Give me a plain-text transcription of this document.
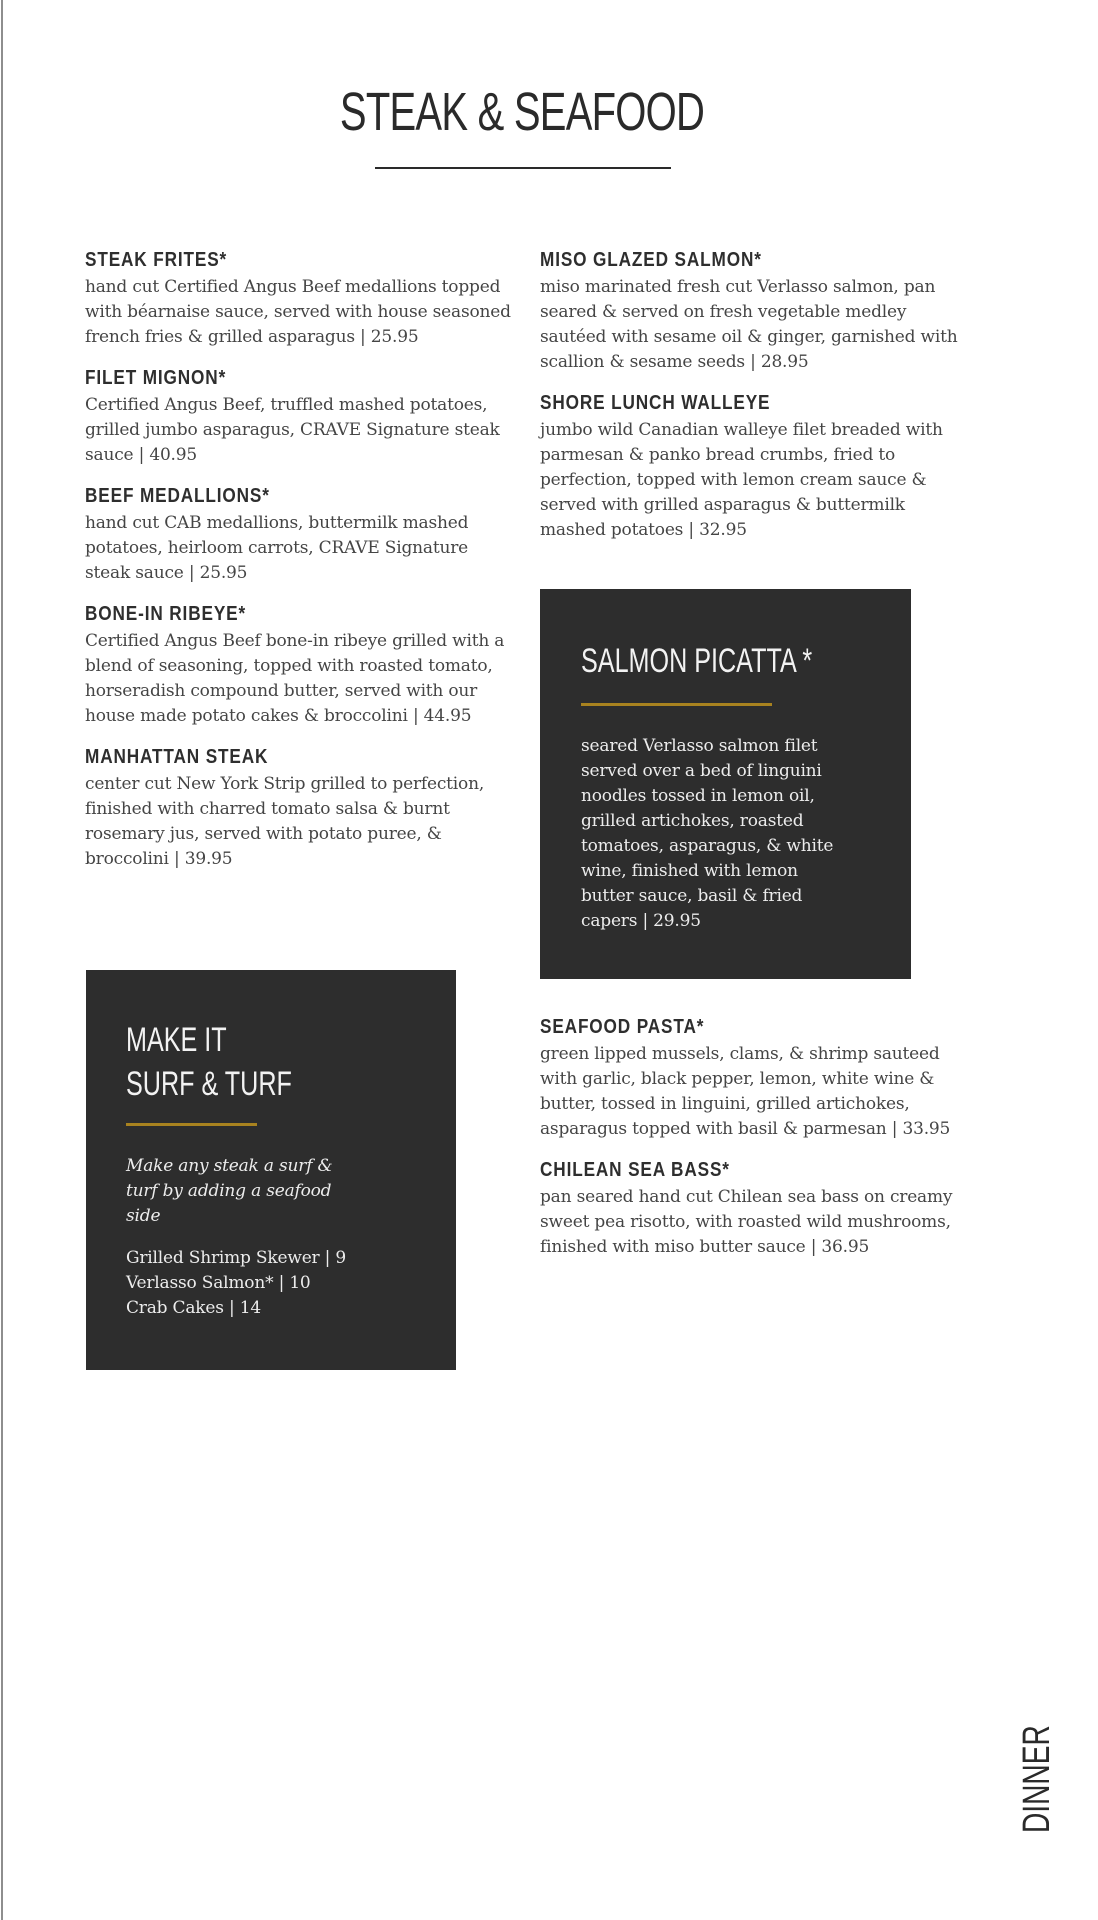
STEAK & SEAFOOD
STEAK FRITES*
hand cut Certified Angus Beef medallions topped with béarnaise sauce, served with house seasoned french fries & grilled asparagus | 25.95
FILET MIGNON*
Certified Angus Beef, truffled mashed potatoes, grilled jumbo asparagus, CRAVE Signature steak sauce | 40.95
BEEF MEDALLIONS*
hand cut CAB medallions, buttermilk mashed potatoes, heirloom carrots, CRAVE Signature steak sauce | 25.95
BONE-IN RIBEYE*
Certified Angus Beef bone-in ribeye grilled with a blend of seasoning, topped with roasted tomato, horseradish compound butter, served with our house made potato cakes & broccolini | 44.95
MANHATTAN STEAK
center cut New York Strip grilled to perfection, finished with charred tomato salsa & burnt rosemary jus, served with potato puree, & broccolini | 39.95
MISO GLAZED SALMON*
miso marinated fresh cut Verlasso salmon, pan seared & served on fresh vegetable medley sautéed with sesame oil & ginger, garnished with scallion & sesame seeds | 28.95
SHORE LUNCH WALLEYE
jumbo wild Canadian walleye filet breaded with parmesan & panko bread crumbs, fried to perfection, topped with lemon cream sauce & served with grilled asparagus & buttermilk mashed potatoes | 32.95
SALMON PICATTA *
seared Verlasso salmon filet served over a bed of linguini noodles tossed in lemon oil, grilled artichokes, roasted tomatoes, asparagus, & white wine, finished with lemon butter sauce, basil & fried capers | 29.95
SEAFOOD PASTA*
green lipped mussels, clams, & shrimp sauteed with garlic, black pepper, lemon, white wine & butter, tossed in linguini, grilled artichokes, asparagus topped with basil & parmesan | 33.95
CHILEAN SEA BASS*
pan seared hand cut Chilean sea bass on creamy sweet pea risotto, with roasted wild mushrooms, finished with miso butter sauce | 36.95
MAKE IT
SURF & TURF
Make any steak a surf & turf by adding a seafood side
Grilled Shrimp Skewer | 9
Verlasso Salmon* | 10
Crab Cakes | 14
DINNER
